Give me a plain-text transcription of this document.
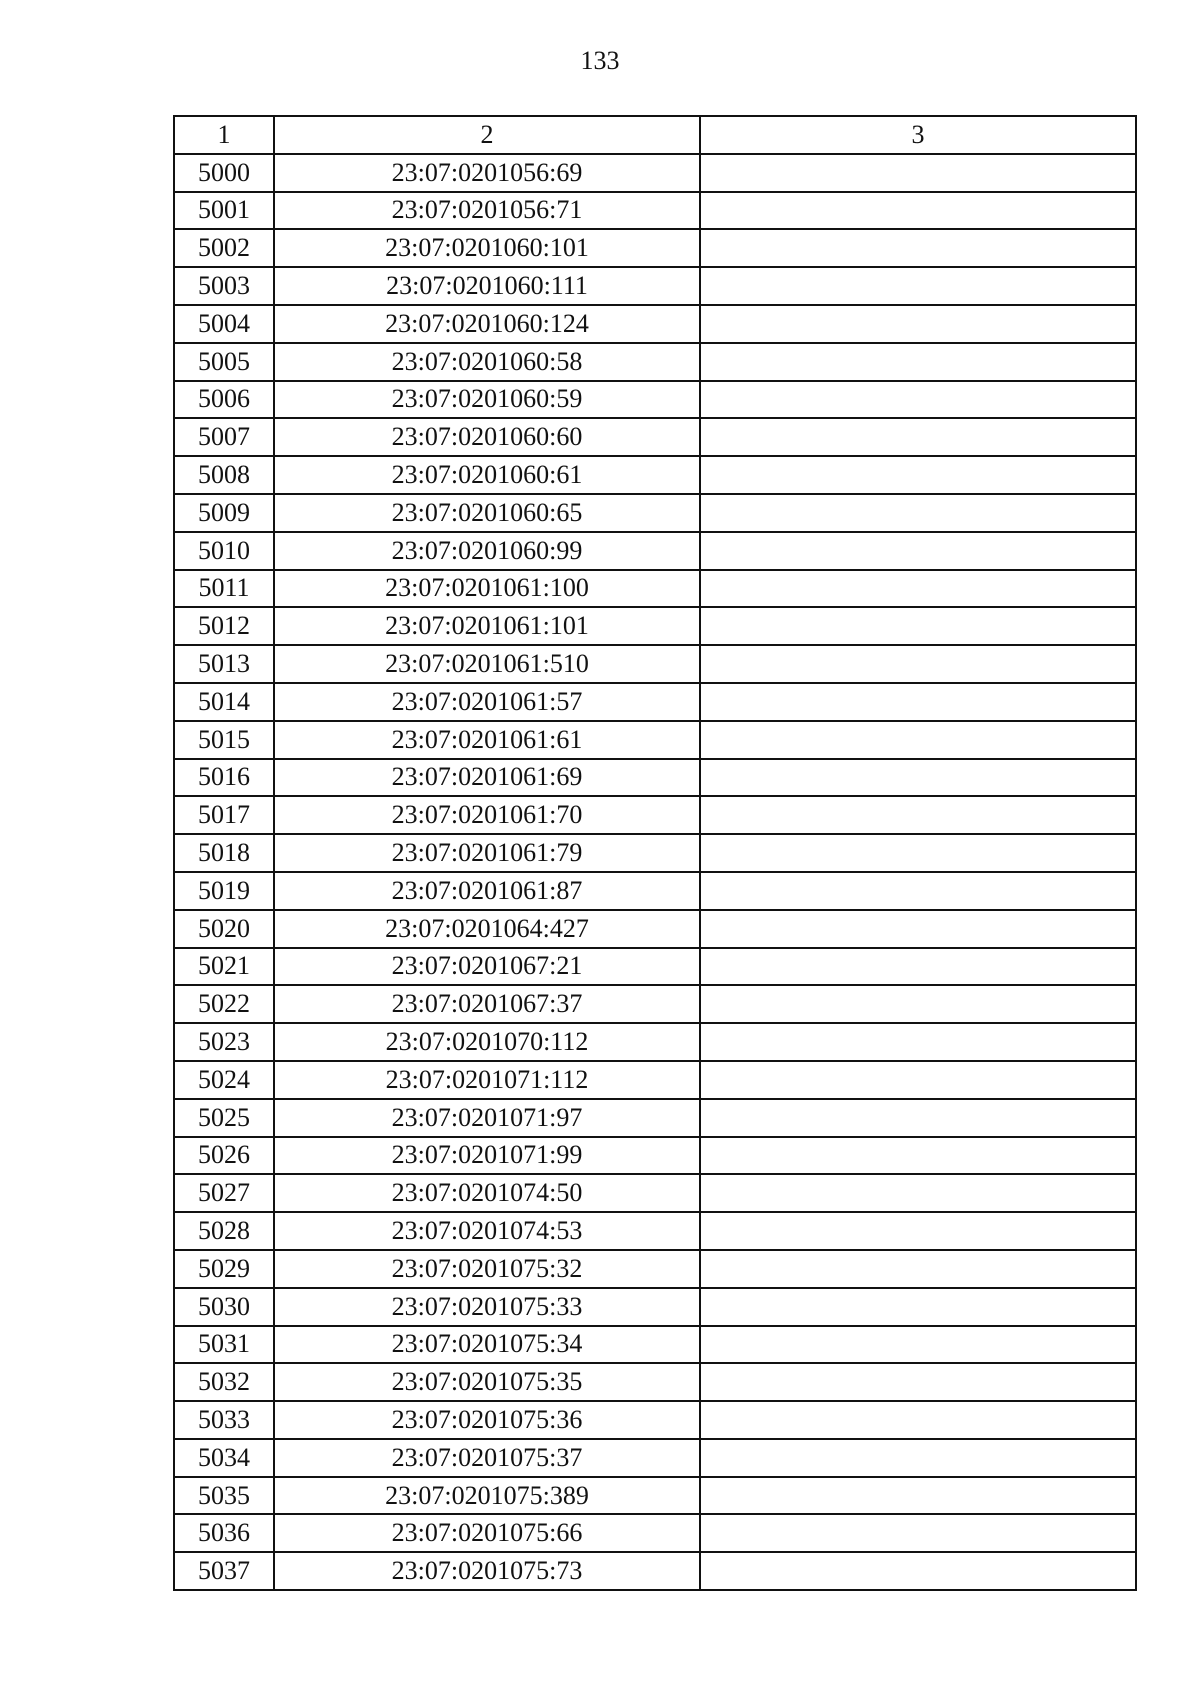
133
1	2	3
5000	23:07:0201056:69	
5001	23:07:0201056:71	
5002	23:07:0201060:101	
5003	23:07:0201060:111	
5004	23:07:0201060:124	
5005	23:07:0201060:58	
5006	23:07:0201060:59	
5007	23:07:0201060:60	
5008	23:07:0201060:61	
5009	23:07:0201060:65	
5010	23:07:0201060:99	
5011	23:07:0201061:100	
5012	23:07:0201061:101	
5013	23:07:0201061:510	
5014	23:07:0201061:57	
5015	23:07:0201061:61	
5016	23:07:0201061:69	
5017	23:07:0201061:70	
5018	23:07:0201061:79	
5019	23:07:0201061:87	
5020	23:07:0201064:427	
5021	23:07:0201067:21	
5022	23:07:0201067:37	
5023	23:07:0201070:112	
5024	23:07:0201071:112	
5025	23:07:0201071:97	
5026	23:07:0201071:99	
5027	23:07:0201074:50	
5028	23:07:0201074:53	
5029	23:07:0201075:32	
5030	23:07:0201075:33	
5031	23:07:0201075:34	
5032	23:07:0201075:35	
5033	23:07:0201075:36	
5034	23:07:0201075:37	
5035	23:07:0201075:389	
5036	23:07:0201075:66	
5037	23:07:0201075:73	
